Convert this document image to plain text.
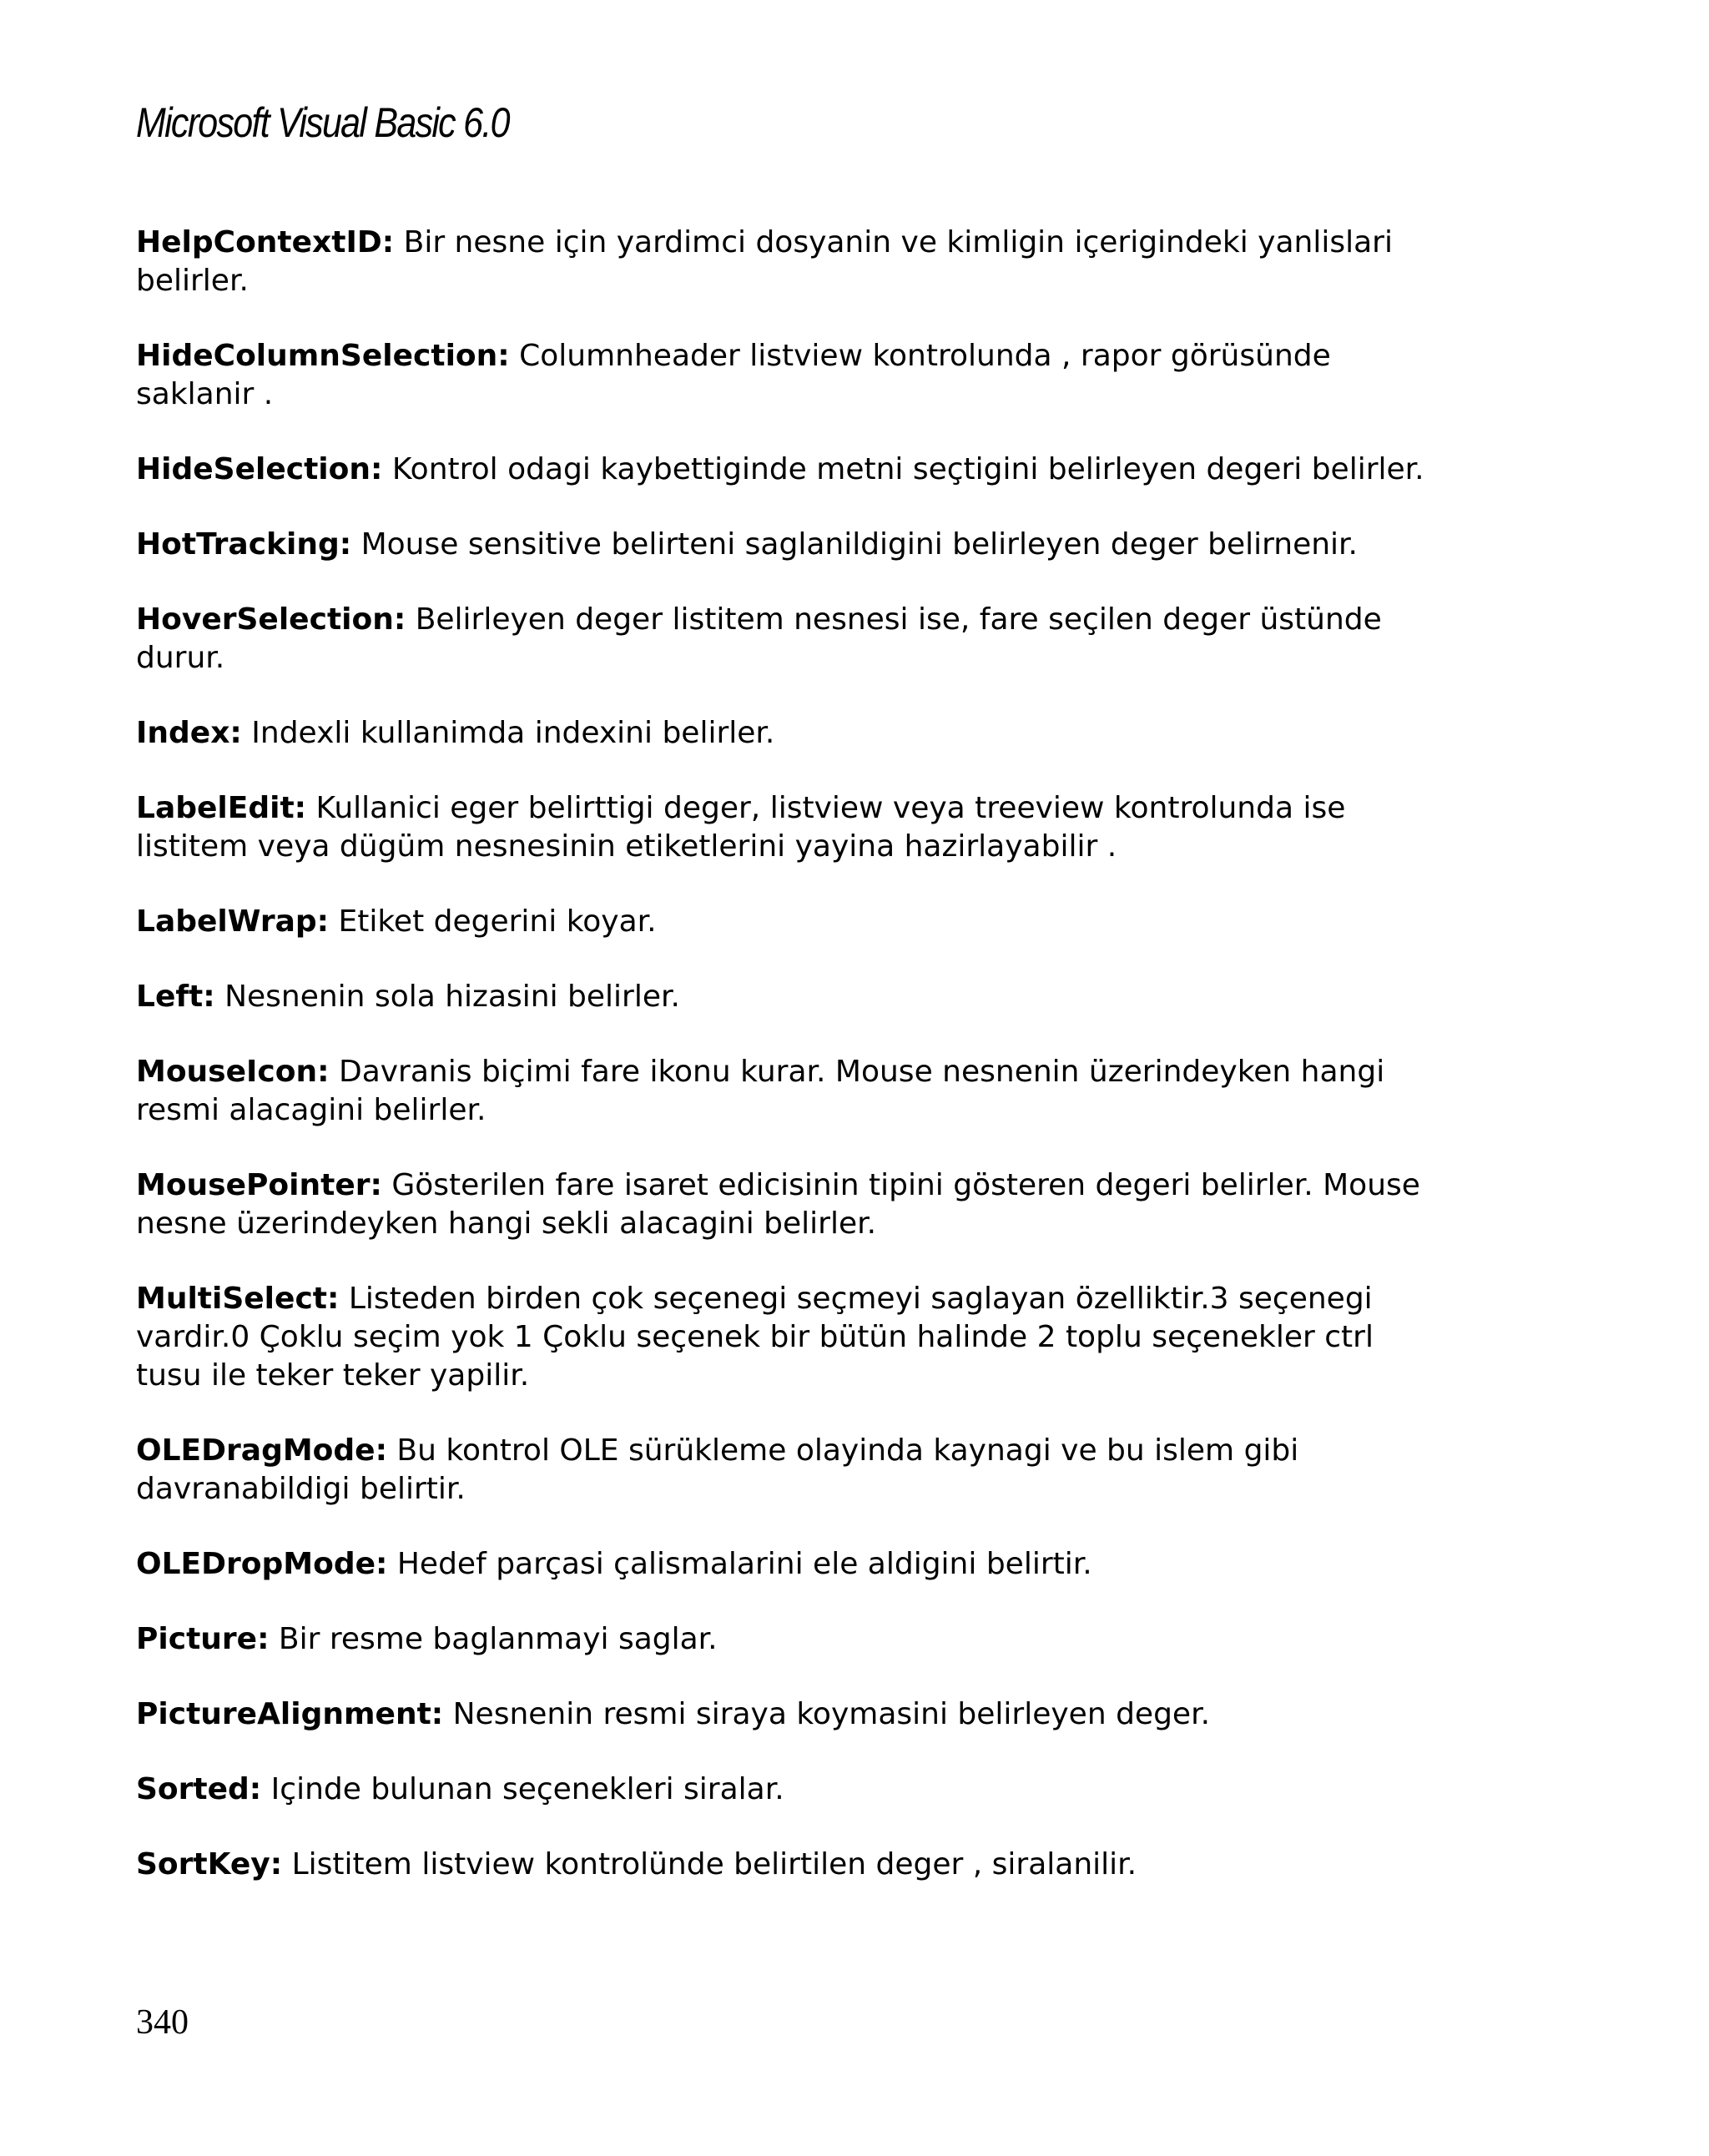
Microsoft Visual Basic 6.0

HelpContextID: Bir nesne için yardimci dosyanin ve kimligin içerigindeki yanlislari belirler.

HideColumnSelection: Columnheader listview kontrolunda , rapor görüsünde saklanir .

HideSelection: Kontrol odagi kaybettiginde metni seçtigini belirleyen degeri belirler.

HotTracking: Mouse sensitive belirteni saglanildigini belirleyen deger belirnenir.

HoverSelection: Belirleyen deger listitem nesnesi ise, fare seçilen deger üstünde durur.

Index: Indexli kullanimda indexini belirler.

LabelEdit: Kullanici eger belirttigi deger, listview veya treeview kontrolunda ise listitem veya dügüm nesnesinin etiketlerini yayina hazirlayabilir .

LabelWrap: Etiket degerini koyar.

Left: Nesnenin sola hizasini belirler.

MouseIcon: Davranis biçimi fare ikonu kurar. Mouse nesnenin üzerindeyken hangi resmi alacagini belirler.

MousePointer: Gösterilen fare isaret edicisinin tipini gösteren degeri belirler. Mouse nesne üzerindeyken hangi sekli alacagini belirler.

MultiSelect: Listeden birden çok seçenegi seçmeyi saglayan özelliktir.3 seçenegi vardir.0 Çoklu seçim yok 1 Çoklu seçenek bir bütün halinde 2 toplu seçenekler ctrl tusu ile teker teker yapilir.

OLEDragMode: Bu kontrol OLE sürükleme olayinda kaynagi ve bu islem gibi davranabildigi belirtir.

OLEDropMode: Hedef parçasi çalismalarini ele aldigini belirtir.

Picture: Bir resme baglanmayi saglar.

PictureAlignment: Nesnenin resmi siraya koymasini belirleyen deger.

Sorted: Içinde bulunan seçenekleri siralar.

SortKey: Listitem listview kontrolünde belirtilen deger , siralanilir.

340
